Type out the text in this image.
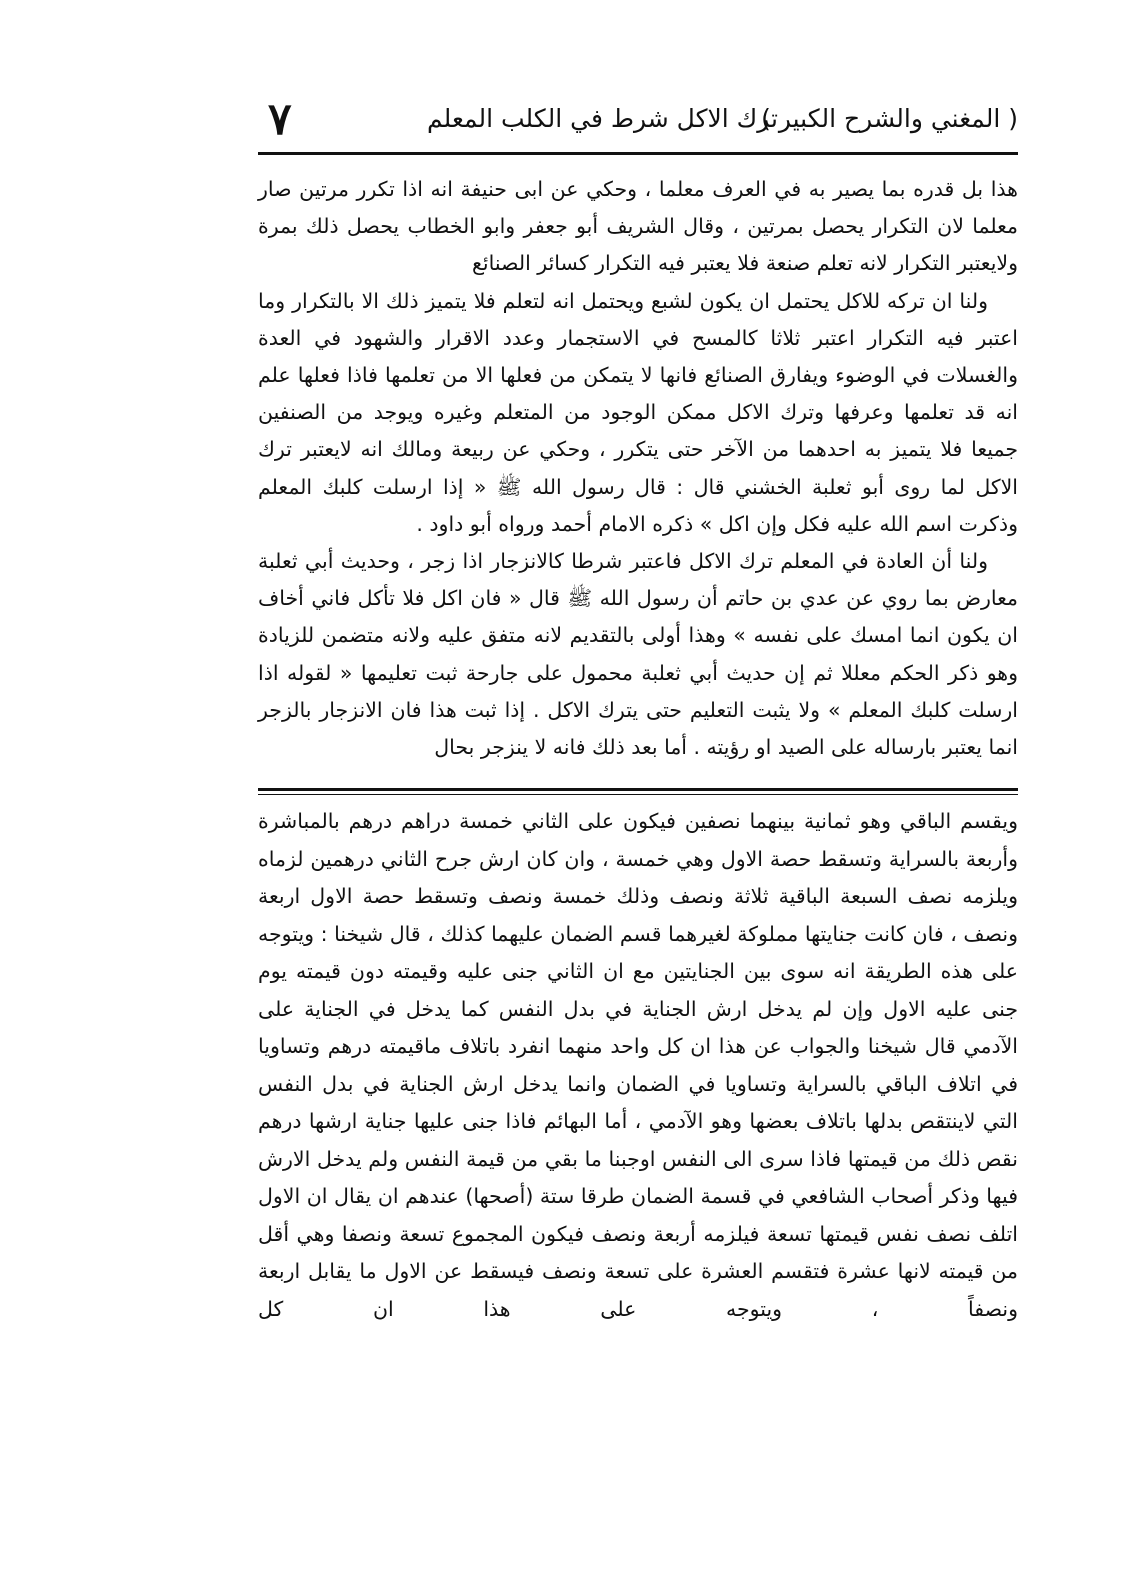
( المغني والشرح الكبير )
ترك الاكل شرط في الكلب المعلم
٧

هذا بل قدره بما يصير به في العرف معلما ، وحكي عن ابى حنيفة انه اذا تكرر مرتين صار معلما لان التكرار يحصل بمرتين ، وقال الشريف أبو جعفر وابو الخطاب يحصل ذلك بمرة ولايعتبر التكرار لانه تعلم صنعة فلا يعتبر فيه التكرار كسائر الصنائع

ولنا ان تركه للاكل يحتمل ان يكون لشبع ويحتمل انه لتعلم فلا يتميز ذلك الا بالتكرار وما اعتبر فيه التكرار اعتبر ثلاثا كالمسح في الاستجمار وعدد الاقرار والشهود في العدة والغسلات في الوضوء ويفارق الصنائع فانها لا يتمكن من فعلها الا من تعلمها فاذا فعلها علم انه قد تعلمها وعرفها وترك الاكل ممكن الوجود من المتعلم وغيره ويوجد من الصنفين جميعا فلا يتميز به احدهما من الآخر حتى يتكرر ، وحكي عن ربيعة ومالك انه لايعتبر ترك الاكل لما روى أبو ثعلبة الخشني قال : قال رسول الله ﷺ « إذا ارسلت كلبك المعلم وذكرت اسم الله عليه فكل وإن اكل » ذكره الامام أحمد ورواه أبو داود .

ولنا أن العادة في المعلم ترك الاكل فاعتبر شرطا كالانزجار اذا زجر ، وحديث أبي ثعلبة معارض بما روي عن عدي بن حاتم أن رسول الله ﷺ قال « فان اكل فلا تأكل فاني أخاف ان يكون انما امسك على نفسه » وهذا أولى بالتقديم لانه متفق عليه ولانه متضمن للزيادة وهو ذكر الحكم معللا ثم إن حديث أبي ثعلبة محمول على جارحة ثبت تعليمها « لقوله اذا ارسلت كلبك المعلم » ولا يثبت التعليم حتى يترك الاكل . إذا ثبت هذا فان الانزجار بالزجر انما يعتبر بارساله على الصيد او رؤيته . أما بعد ذلك فانه لا ينزجر بحال

ويقسم الباقي وهو ثمانية بينهما نصفين فيكون على الثاني خمسة دراهم درهم بالمباشرة وأربعة بالسراية وتسقط حصة الاول وهي خمسة ، وان كان ارش جرح الثاني درهمين لزماه ويلزمه نصف السبعة الباقية ثلاثة ونصف وذلك خمسة ونصف وتسقط حصة الاول اربعة ونصف ، فان كانت جنايتها مملوكة لغيرهما قسم الضمان عليهما كذلك ، قال شيخنا : ويتوجه على هذه الطريقة انه سوى بين الجنايتين مع ان الثاني جنى عليه وقيمته دون قيمته يوم جنى عليه الاول وإن لم يدخل ارش الجناية في بدل النفس كما يدخل في الجناية على الآدمي قال شيخنا والجواب عن هذا ان كل واحد منهما انفرد باتلاف ماقيمته درهم وتساويا في اتلاف الباقي بالسراية وتساويا في الضمان وانما يدخل ارش الجناية في بدل النفس التي لاينتقص بدلها باتلاف بعضها وهو الآدمي ، أما البهائم فاذا جنى عليها جناية ارشها درهم نقص ذلك من قيمتها فاذا سرى الى النفس اوجبنا ما بقي من قيمة النفس ولم يدخل الارش فيها وذكر أصحاب الشافعي في قسمة الضمان طرقا ستة (أصحها) عندهم ان يقال ان الاول اتلف نصف نفس قيمتها تسعة فيلزمه أربعة ونصف فيكون المجموع تسعة ونصفا وهي أقل من قيمته لانها عشرة فتقسم العشرة على تسعة ونصف فيسقط عن الاول ما يقابل اربعة ونصفاً ، ويتوجه على هذا ان كل
